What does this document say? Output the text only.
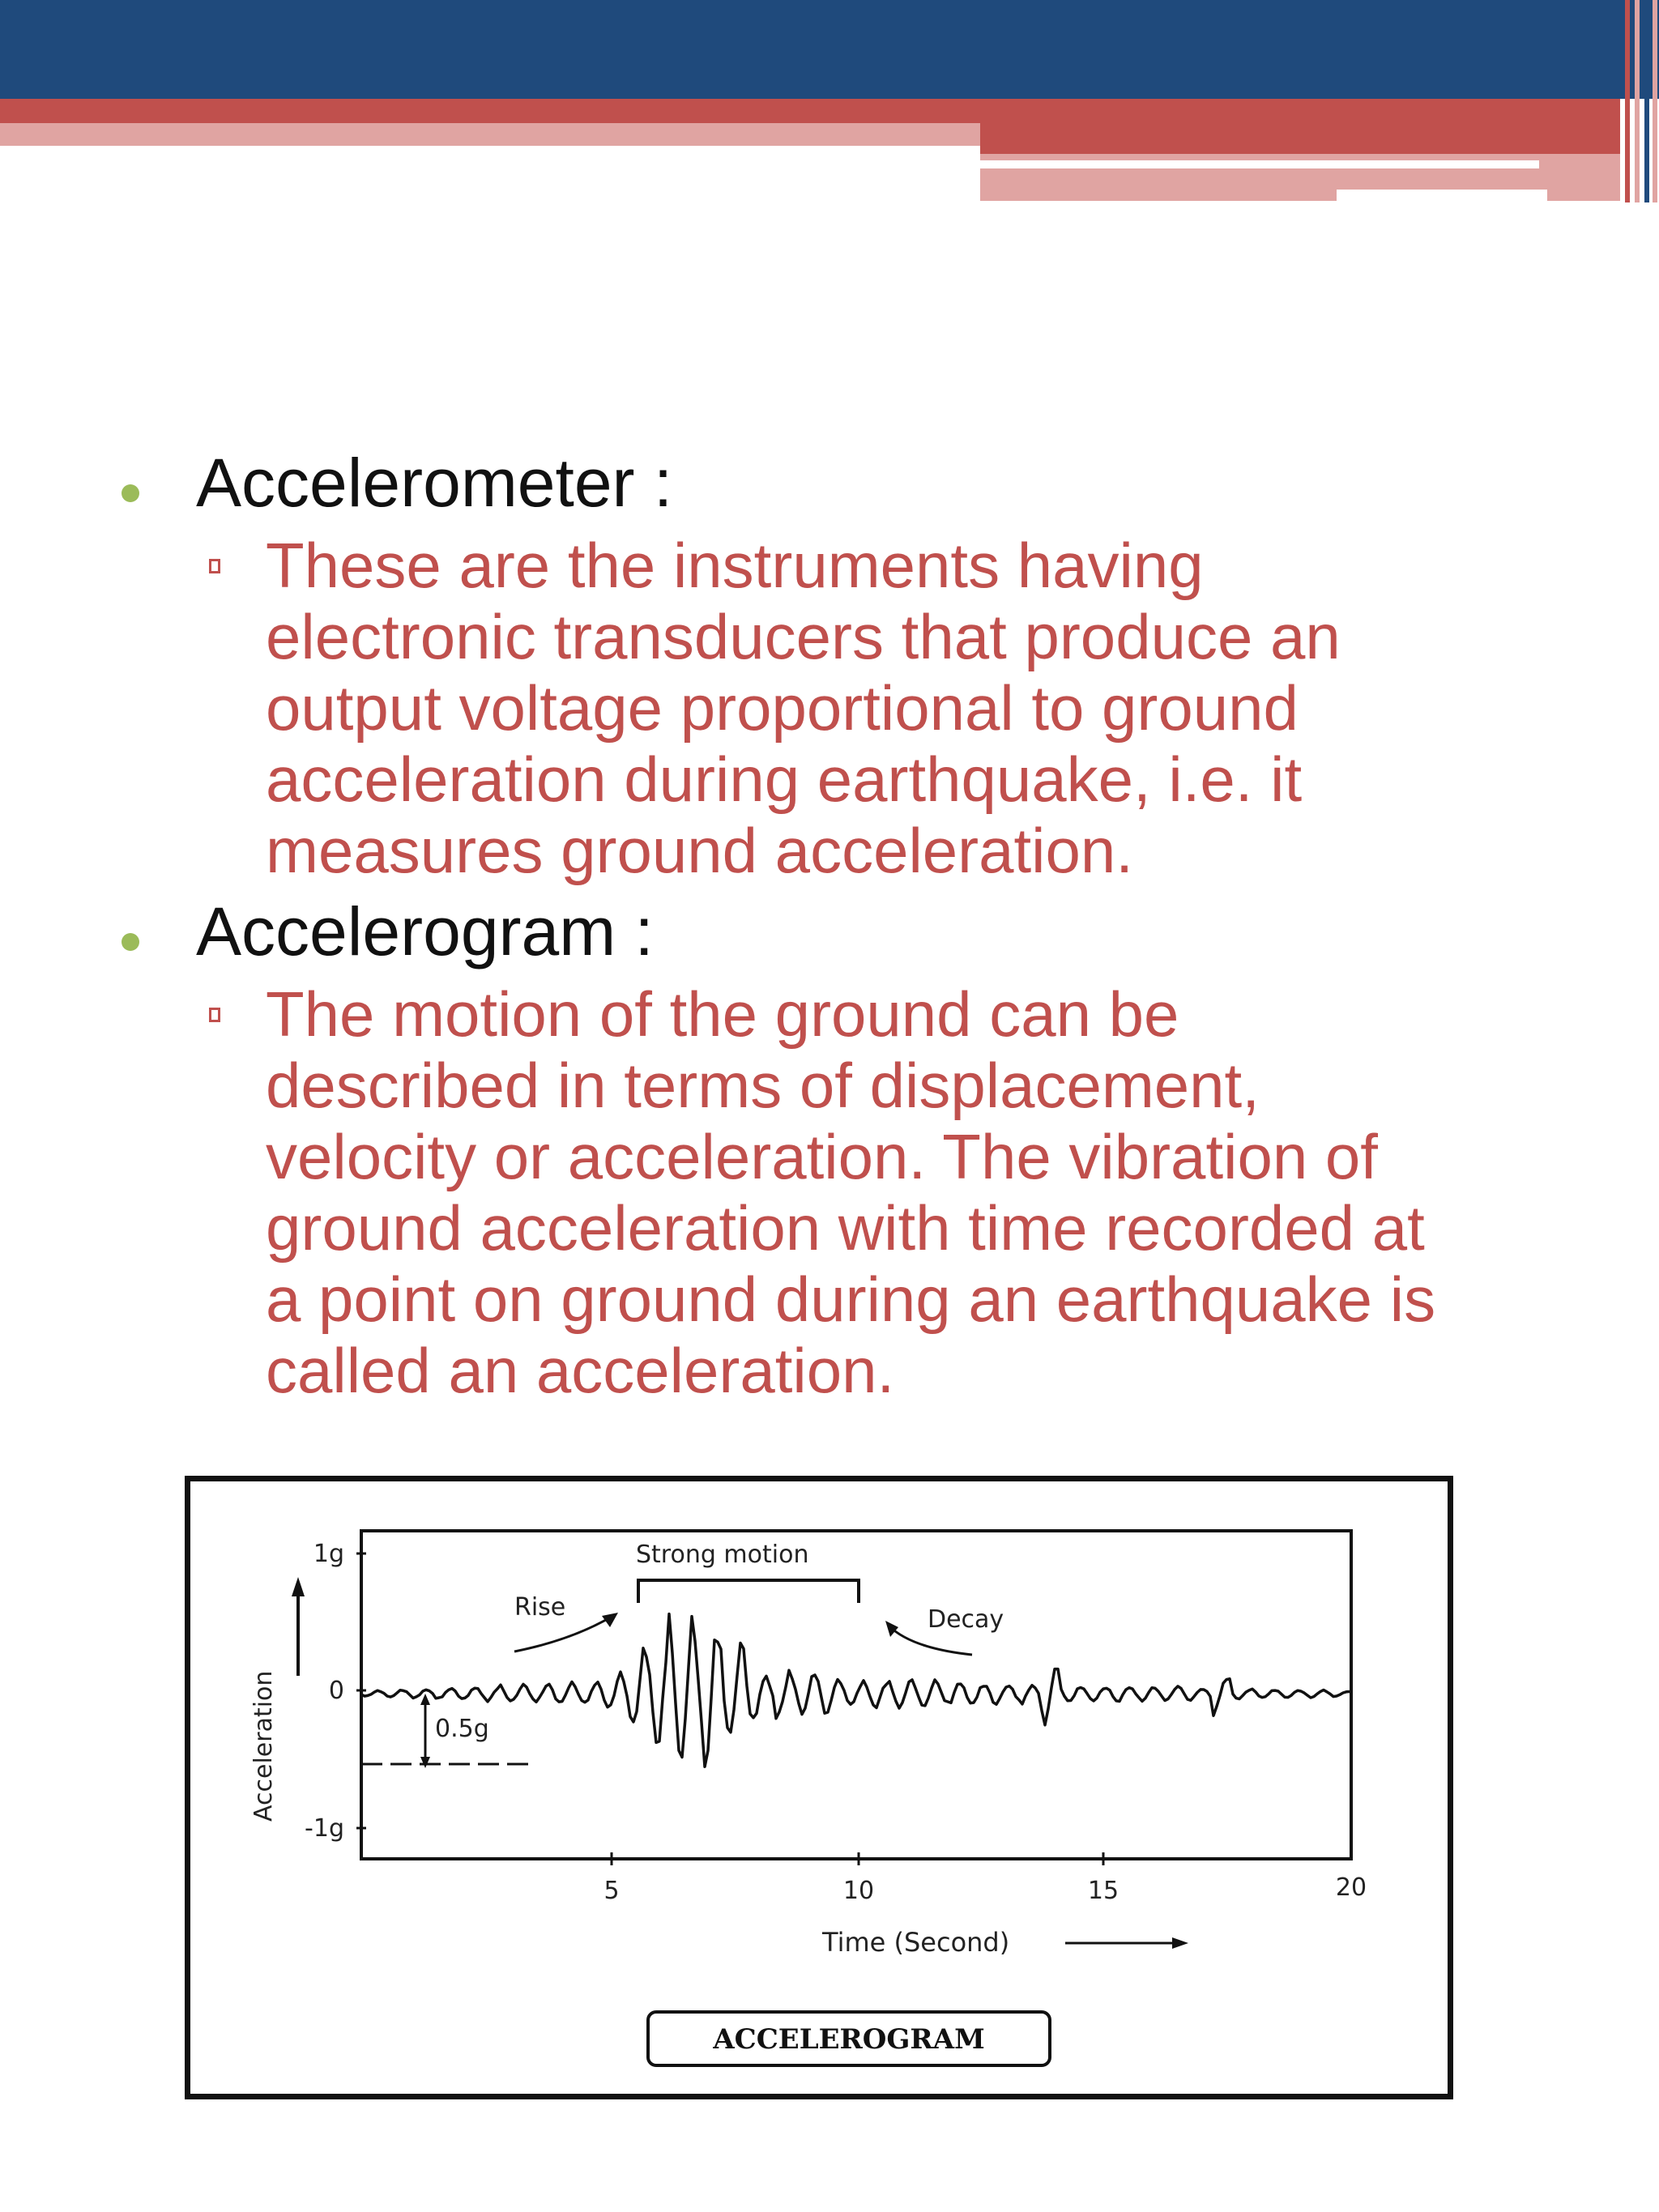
Accelerometer :

These are the instruments having
electronic transducers that produce an
output voltage proportional to ground
acceleration during earthquake, i.e. it
measures ground acceleration.

Accelerogram :

The motion of the ground can be
described in terms of displacement,
velocity or acceleration. The vibration of
ground acceleration with time recorded at
a point on ground during an earthquake is
called an acceleration.

1g
0
-1g
Acceleration
5	10	15	20
Time (Second)
Rise
Strong motion
Decay
0.5g
ACCELEROGRAM
